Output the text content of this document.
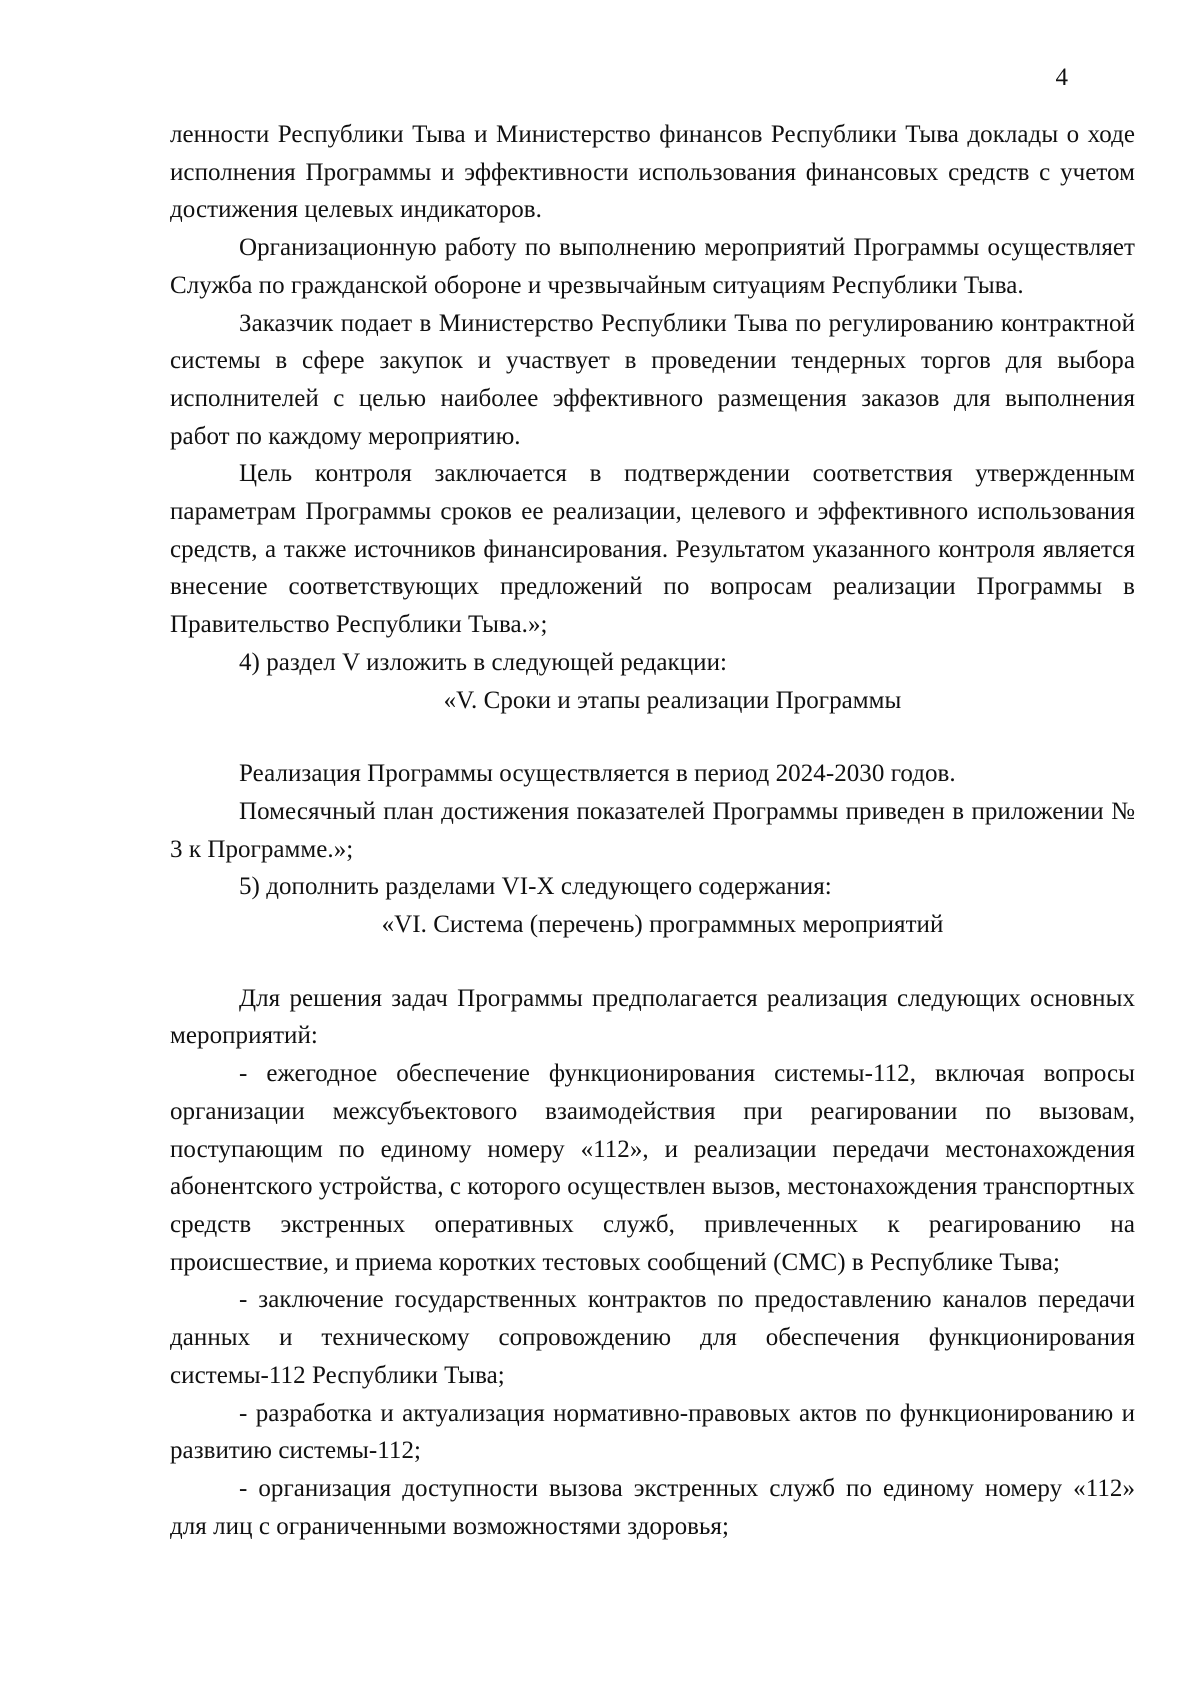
4

ленности Республики Тыва и Министерство финансов Республики Тыва доклады о ходе исполнения Программы и эффективности использования финансовых средств с учетом достижения целевых индикаторов.

Организационную работу по выполнению мероприятий Программы осуществляет Служба по гражданской обороне и чрезвычайным ситуациям Республики Тыва.

Заказчик подает в Министерство Республики Тыва по регулированию контрактной системы в сфере закупок и участвует в проведении тендерных торгов для выбора исполнителей с целью наиболее эффективного размещения заказов для выполнения работ по каждому мероприятию.

Цель контроля заключается в подтверждении соответствия утвержденным параметрам Программы сроков ее реализации, целевого и эффективного использования средств, а также источников финансирования. Результатом указанного контроля является внесение соответствующих предложений по вопросам реализации Программы в Правительство Республики Тыва.»;

4) раздел V изложить в следующей редакции:

«V. Сроки и этапы реализации Программы

Реализация Программы осуществляется в период 2024-2030 годов.

Помесячный план достижения показателей Программы приведен в приложении № 3 к Программе.»;

5) дополнить разделами VI-X следующего содержания:

«VI. Система (перечень) программных мероприятий

Для решения задач Программы предполагается реализация следующих основных мероприятий:

- ежегодное обеспечение функционирования системы-112, включая вопросы организации межсубъектового взаимодействия при реагировании по вызовам, поступающим по единому номеру «112», и реализации передачи местонахождения абонентского устройства, с которого осуществлен вызов, местонахождения транспортных средств экстренных оперативных служб, привлеченных к реагированию на происшествие, и приема коротких тестовых сообщений (СМС) в Республике Тыва;

- заключение государственных контрактов по предоставлению каналов передачи данных и техническому сопровождению для обеспечения функционирования системы-112 Республики Тыва;

- разработка и актуализация нормативно-правовых актов по функционированию и развитию системы-112;

- организация доступности вызова экстренных служб по единому номеру «112» для лиц с ограниченными возможностями здоровья;
